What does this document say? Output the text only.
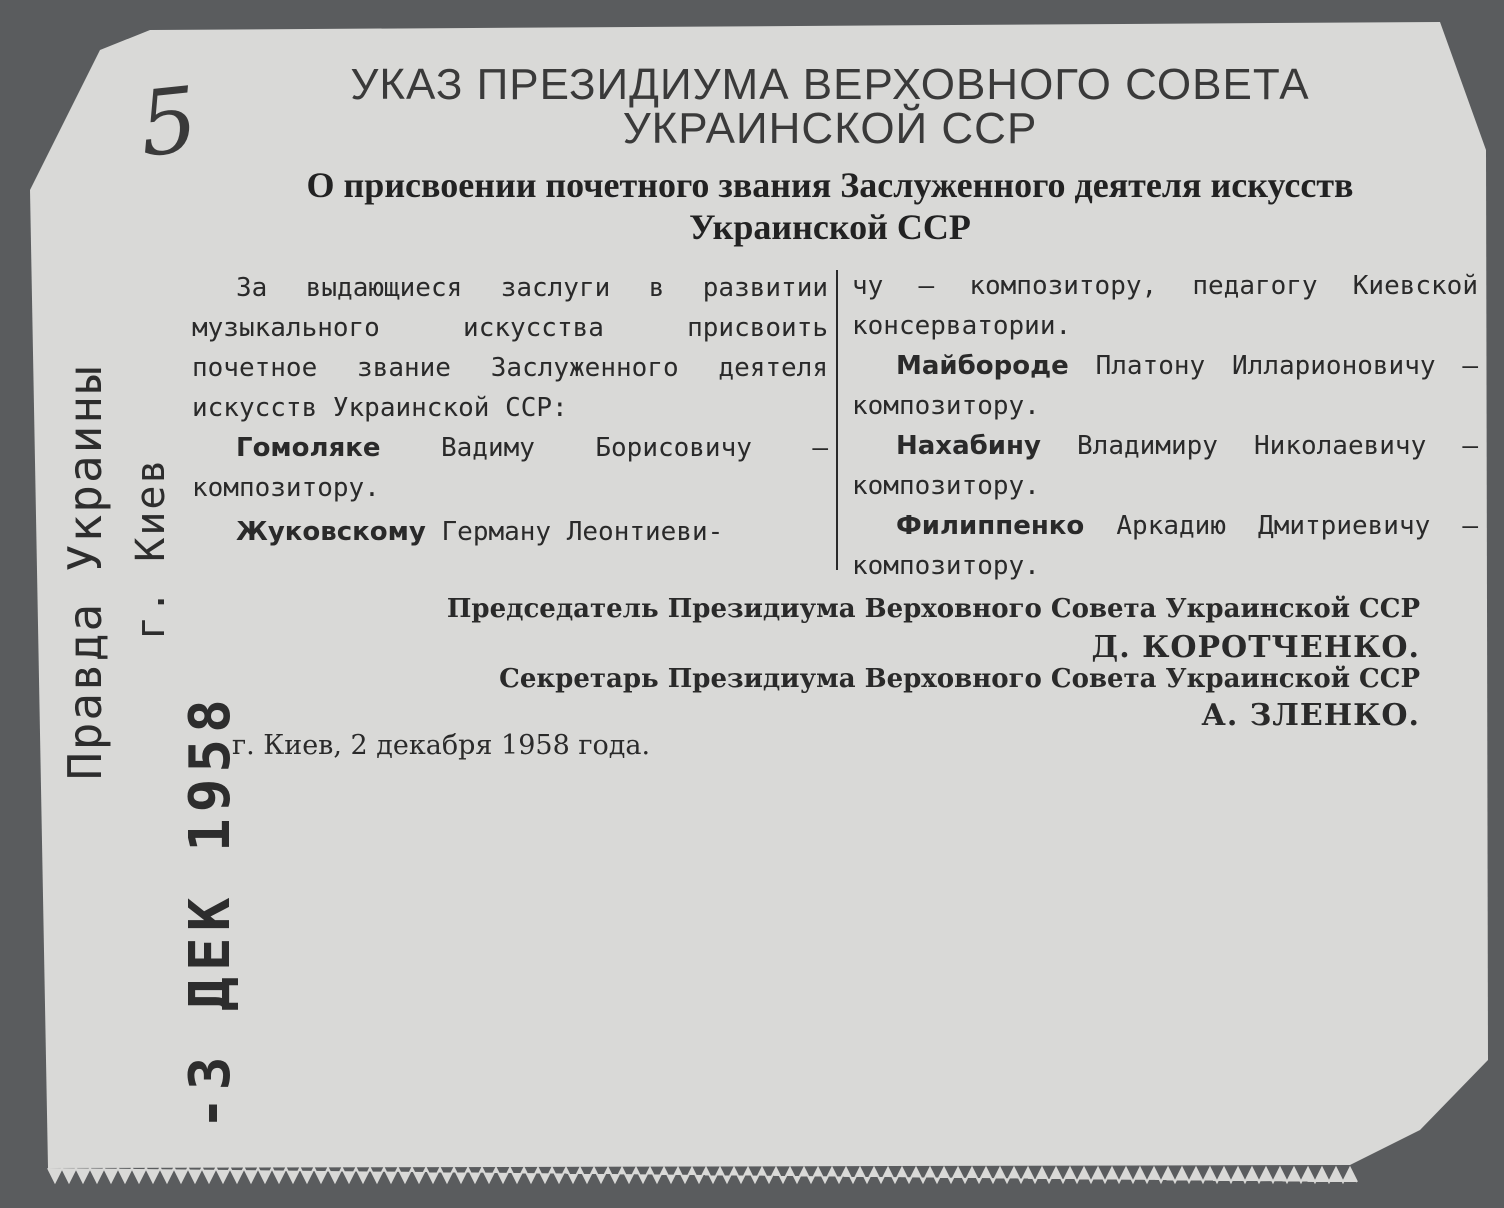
5	УКАЗ ПРЕЗИДИУМА ВЕРХОВНОГО СОВЕТА
УКРАИНСКОЙ ССР
О присвоении почетного звания Заслуженного деятеля искусств
Украинской ССР

За выдающиеся заслуги в развитии музыкального искусства присвоить почетное звание Заслуженного деятеля искусств Украинской ССР:

Гомоляке Вадиму Борисовичу — композитору.

Жуковскому Герману Леонтиеви-

чу — композитору, педагогу Киевской консерватории.

Майбороде Платону Илларионовичу — композитору.

Нахабину Владимиру Николаевичу — композитору.

Филиппенко Аркадию Дмитриевичу — композитору.

Председатель Президиума Верховного Совета Украинской ССР
Д. КОРОТЧЕНКО.
Секретарь Президиума Верховного Совета Украинской ССР
А. ЗЛЕНКО.
г. Киев, 2 декабря 1958 года.
Правда Украины г. Киев
-3 ДЕК 1958
